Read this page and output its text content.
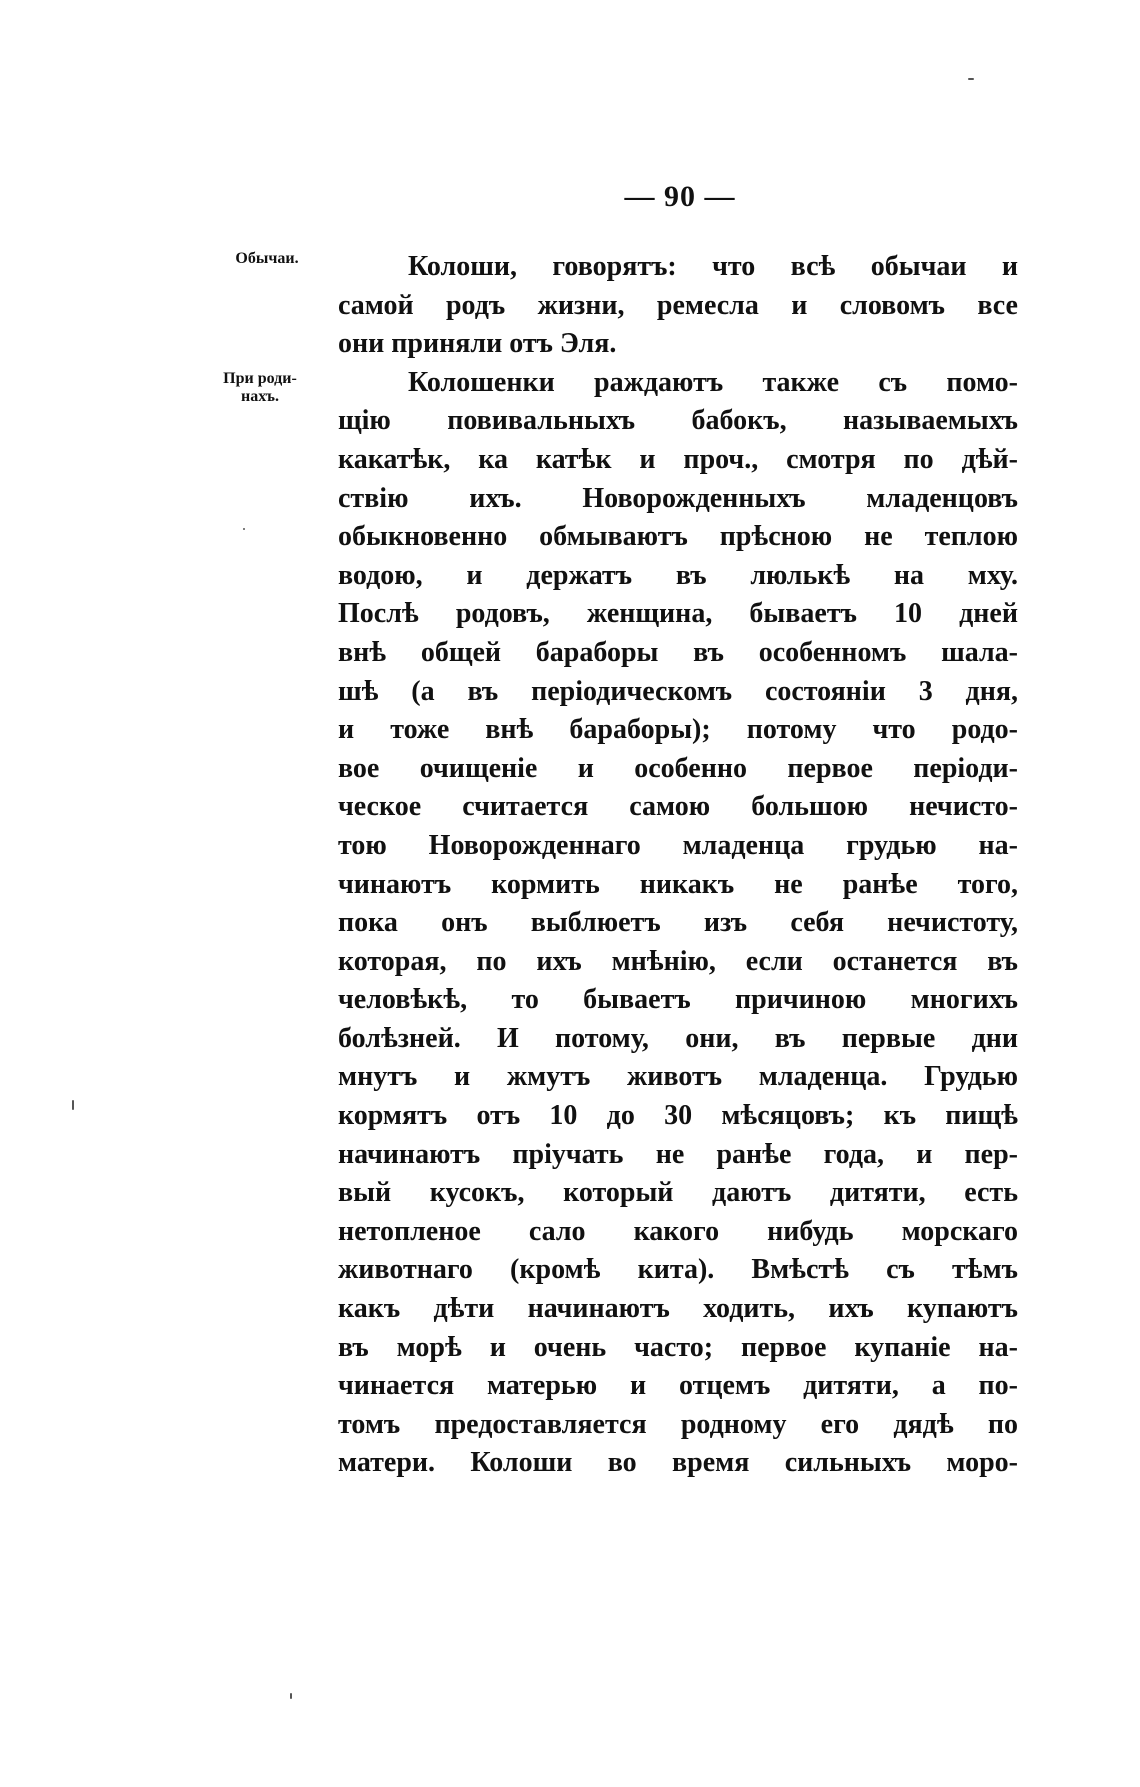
— 90 —
Обычаи.
При роди-
нахъ.
Колоши, говорятъ: что всѣ обычаи и
самой родъ жизни, ремесла и словомъ все
они приняли отъ Эля.
Колошенки раждаютъ также съ помо-
щію повивальныхъ бабокъ, называемыхъ
какатѣк, ка катѣк и проч., смотря по дѣй-
ствію ихъ. Новорожденныхъ младенцовъ
обыкновенно обмываютъ прѣсною не теплою
водою, и держатъ въ люлькѣ на мху.
Послѣ родовъ, женщина, бываетъ 10 дней
внѣ общей бараборы въ особенномъ шала-
шѣ (а въ періодическомъ состояніи 3 дня,
и тоже внѣ бараборы); потому что родо-
вое очищеніе и особенно первое періоди-
ческое считается самою большою нечисто-
тою Новорожденнаго младенца грудью на-
чинаютъ кормить никакъ не ранѣе того,
пока онъ выблюетъ изъ себя нечистоту,
которая, по ихъ мнѣнію, если останется въ
человѣкѣ, то бываетъ причиною многихъ
болѣзней. И потому, они, въ первые дни
мнутъ и жмутъ животъ младенца. Грудью
кормятъ отъ 10 до 30 мѣсяцовъ; къ пищѣ
начинаютъ пріучать не ранѣе года, и пер-
вый кусокъ, который даютъ дитяти, есть
нетопленое сало какого нибудь морскаго
животнаго (кромѣ кита). Вмѣстѣ съ тѣмъ
какъ дѣти начинаютъ ходить, ихъ купаютъ
въ морѣ и очень часто; первое купаніе на-
чинается матерью и отцемъ дитяти, а по-
томъ предоставляется родному его дядѣ по
матери. Колоши во время сильныхъ моро-
